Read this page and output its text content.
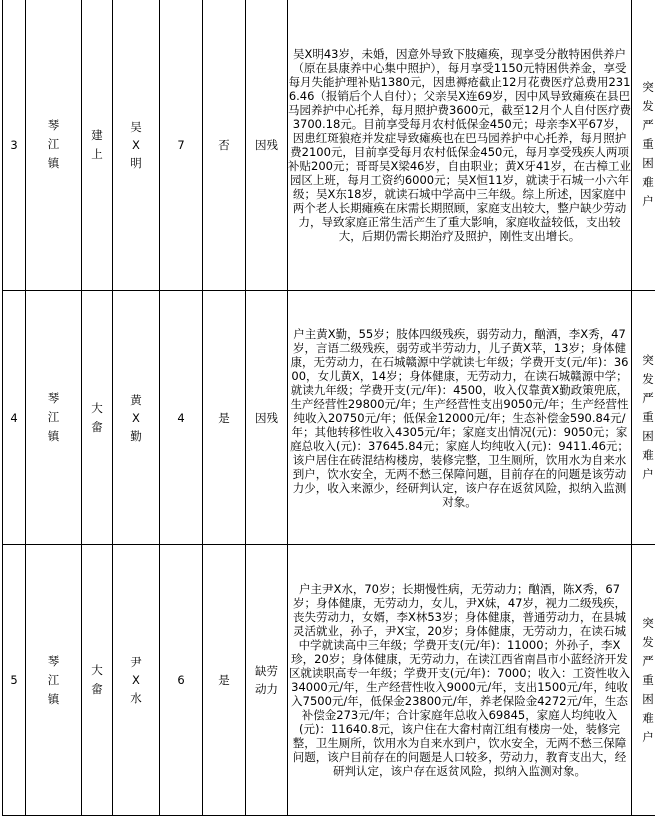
3	琴江镇	建上	吴X明	7	否	因残	吴X明43岁，未婚，因意外导致下肢瘫痪，现享受分散特困供养户（原在县康养中心集中照护），每月享受1150元特困供养金，享受每月失能护理补贴1380元，因患褥疮截止12月花费医疗总费用2316.46（报销后个人自付）；父亲吴X连69岁，因中风导致瘫痪在县巴马园养护中心托养，每月照护费3600元，截至12月个人自付医疗费3700.18元。目前享受每月农村低保金450元；母亲李X平67岁，因患红斑狼疮并发症导致瘫痪也在巴马园养护中心托养，每月照护费2100元，目前享受每月农村低保金450元，每月享受残疾人两项补贴200元；哥哥吴X梁46岁，自由职业；黄X牙41岁，在古樟工业园区上班，每月工资约6000元；吴X恒11岁，就读于石城一小六年级；吴X东18岁，就读石城中学高中三年级。综上所述，因家庭中两个老人长期瘫痪在床需长期照顾，家庭支出较大，整户缺少劳动力，导致家庭正常生活产生了重大影响，家庭收益较低，支出较大，后期仍需长期治疗及照护，刚性支出增长。	突发严重困难户	
4	琴江镇	大畲	黄X勤	4	是	因残	户主黄X勤，55岁；肢体四级残疾，弱劳动力，酗酒，李X秀，47岁，言语二级残疾，弱劳或半劳动力，儿子黄X苹，13岁；身体健康，无劳动力，在石城赣源中学就读七年级；学费开支(元/年)：3600，女儿黄X，14岁；身体健康，无劳动力，在读石城赣源中学；就读九年级；学费开支(元/年)：4500，收入仅靠黄X勤政策兜底，生产经营性29800元/年；生产经营性支出9050元/年；生产经营性纯收入20750元/年；低保金12000元/年；生态补偿金590.84元/年；其他转移性收入4305元/年；家庭支出情况(元)：9050元；家庭总收入(元)：37645.84元；家庭人均纯收入(元)：9411.46元；该户居住在砖混结构楼房，装修完整，卫生厕所，饮用水为自来水到户，饮水安全，无两不愁三保障问题，目前存在的问题是该劳动力少，收入来源少，经研判认定，该户存在返贫风险，拟纳入监测对象。	突发严重困难户	
5	琴江镇	大畲	尹X水	6	是	缺劳动力	户主尹X水，70岁；长期慢性病，无劳动力；酗酒，陈X秀，67岁；身体健康，无劳动力，女儿，尹X妹，47岁，视力二级残疾，丧失劳动力，女婿，李X林53岁；身体健康，普通劳动力，在县城灵活就业，孙子，尹X宝，20岁；身体健康，无劳动力，在读石城中学就读高中三年级；学费开支(元/年)：11000；外孙子，李X珍，20岁；身体健康，无劳动力，在读江西省南昌市小蓝经济开发区就读职高专一年级；学费开支(元/年)：7000；收入：工资性收入34000元/年，生产经营性收入9000元/年，支出1500元/年，纯收入7500元/年，低保金23800元/年，养老保险金4272元/年，生态补偿金273元/年；合计家庭年总收入69845，家庭人均纯收入(元)：11640.8元，该户住在大畲村南江组有楼房一处，装修完整，卫生厕所，饮用水为自来水到户，饮水安全，无两不愁三保障问题，该户目前存在的问题是人口较多，劳动力，教育支出大，经研判认定，该户存在返贫风险，拟纳入监测对象。	突发严重困难户	
